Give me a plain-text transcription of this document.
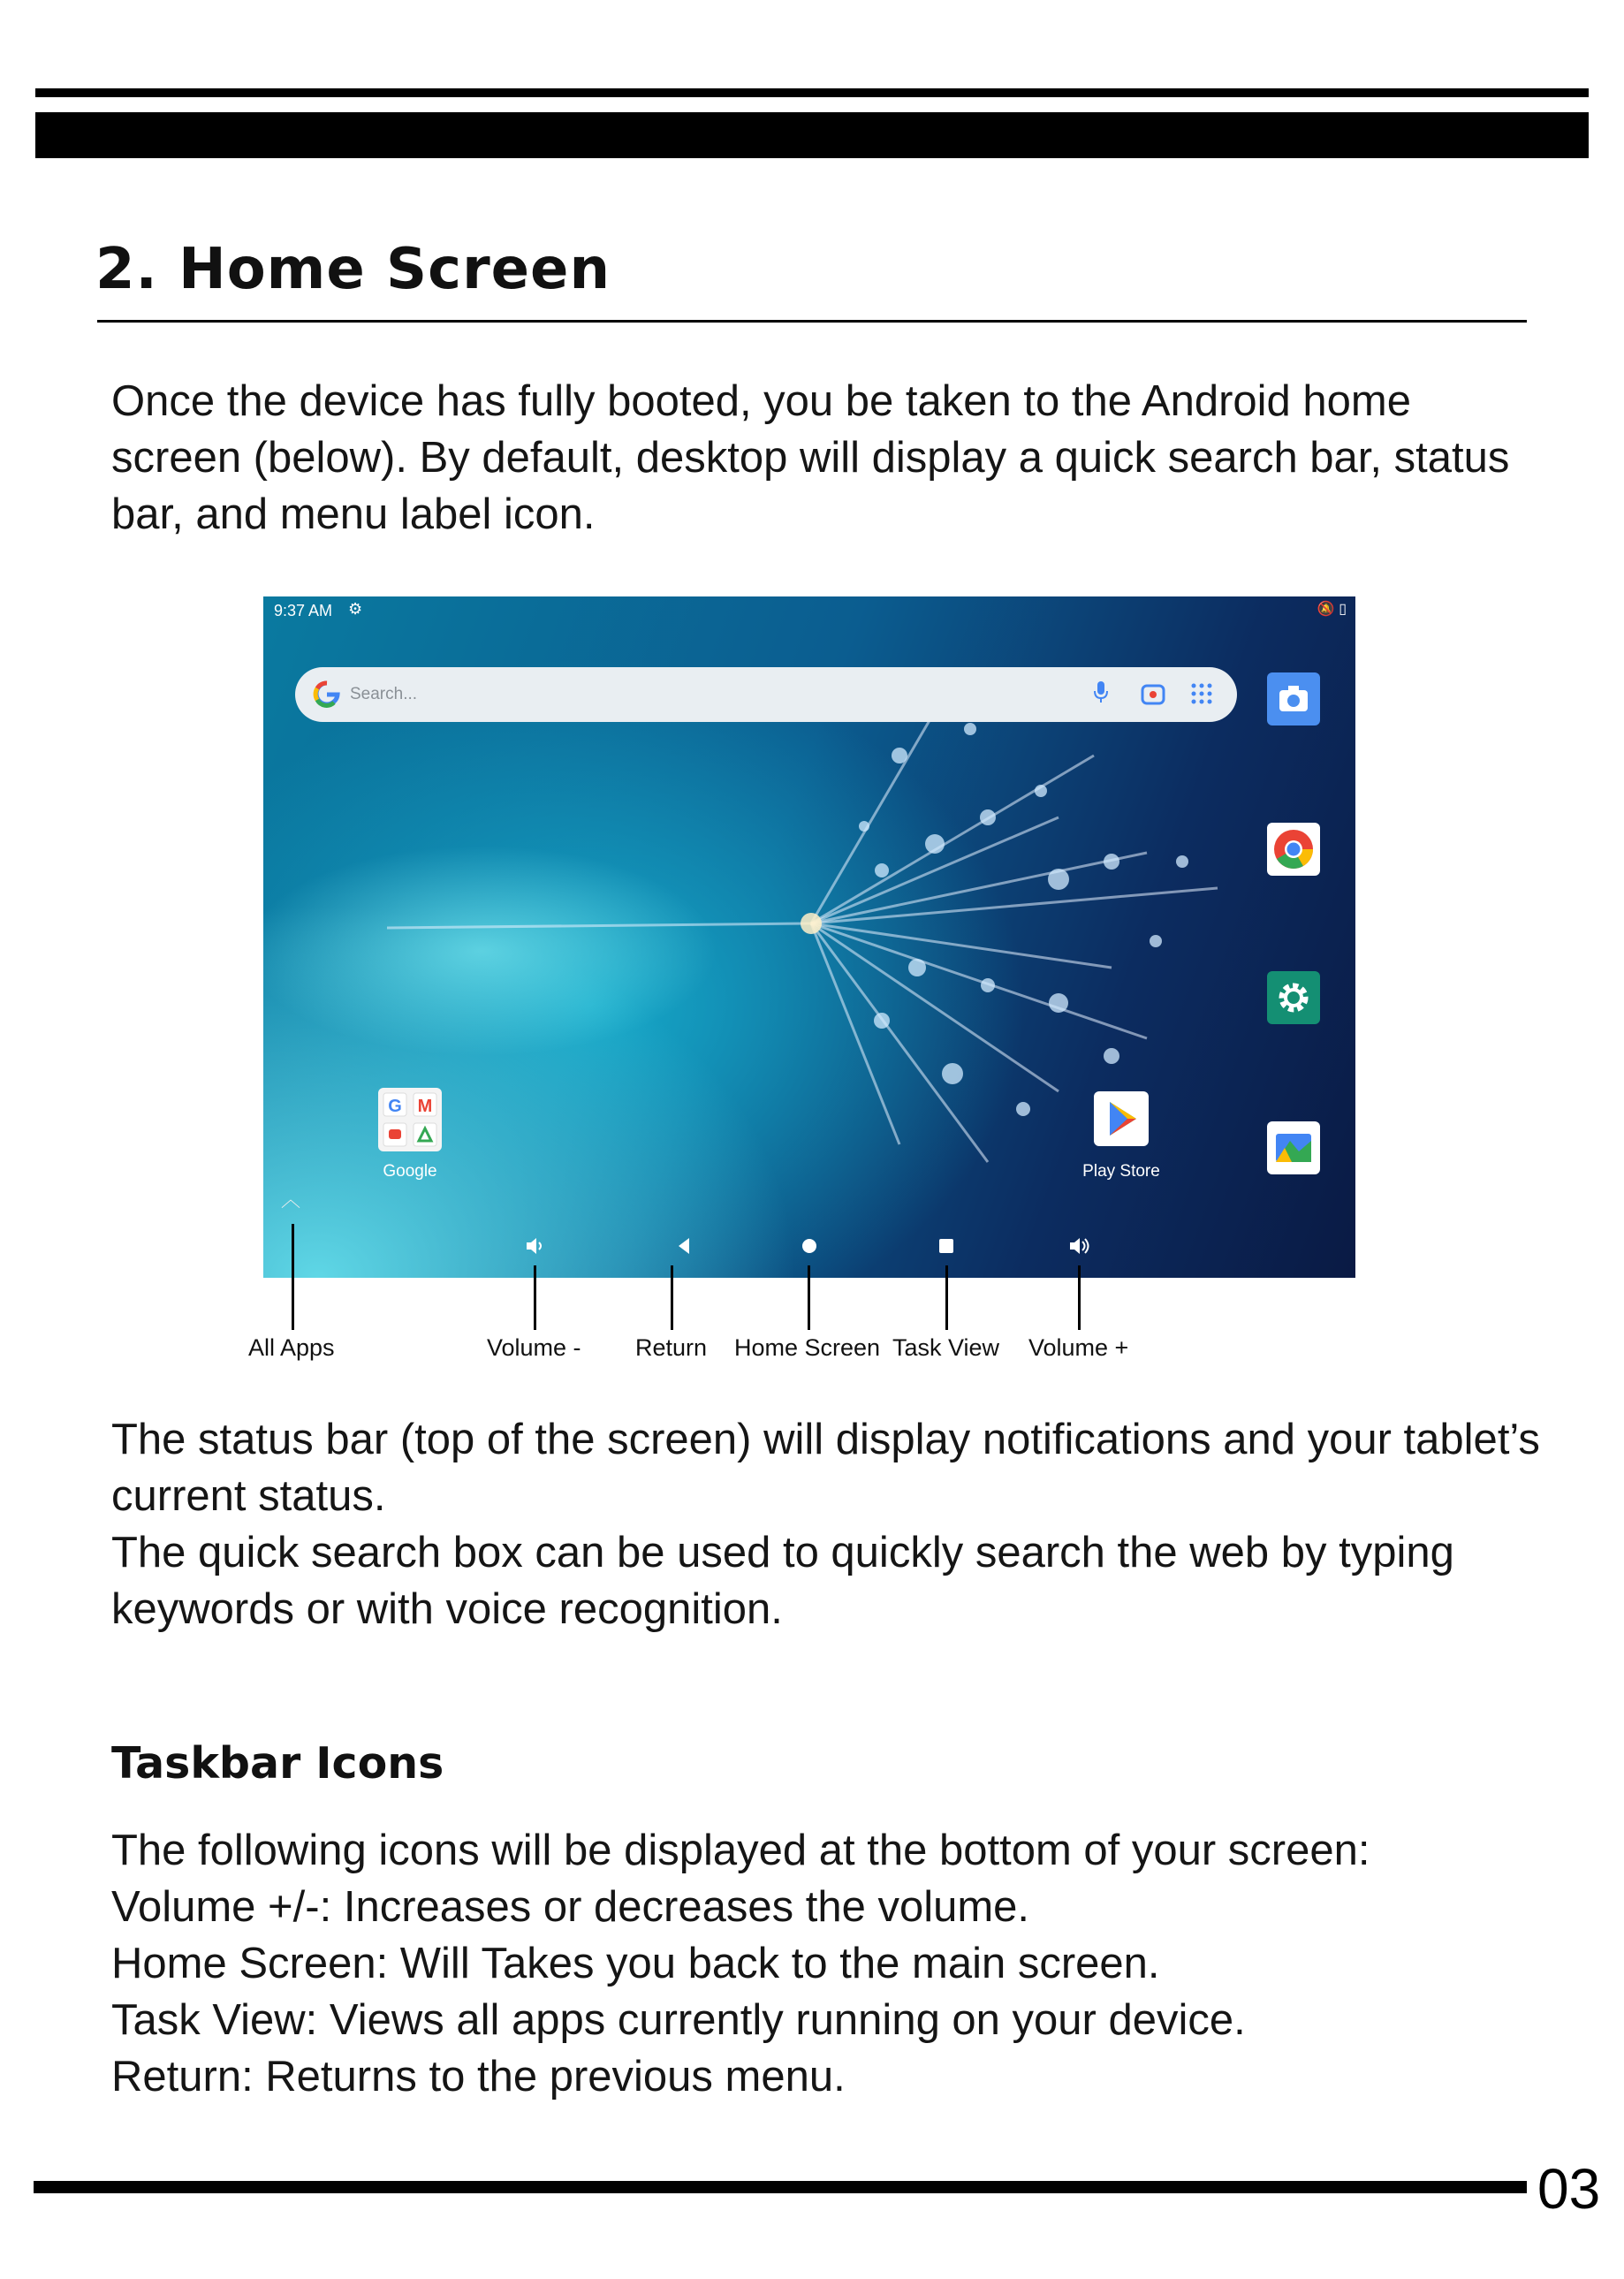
2. Home Screen
Once the device has fully booted, you be taken to the Android home screen (below). By default, desktop will display a quick search bar, status bar, and menu label icon.
9:37 AM ⚙	🔕 ▯
Search...
G M
Google	Play Store
︿
All Apps	Volume - Return Home Screen Task View Volume +
The status bar (top of the screen) will display notifications and your tablet’s current status.
The quick search box can be used to quickly search the web by typing keywords or with voice recognition.
Taskbar Icons
The following icons will be displayed at the bottom of your screen:
Volume +/-: Increases or decreases the volume.
Home Screen: Will Takes you back to the main screen.
Task View: Views all apps currently running on your device.
Return: Returns to the previous menu.
03
